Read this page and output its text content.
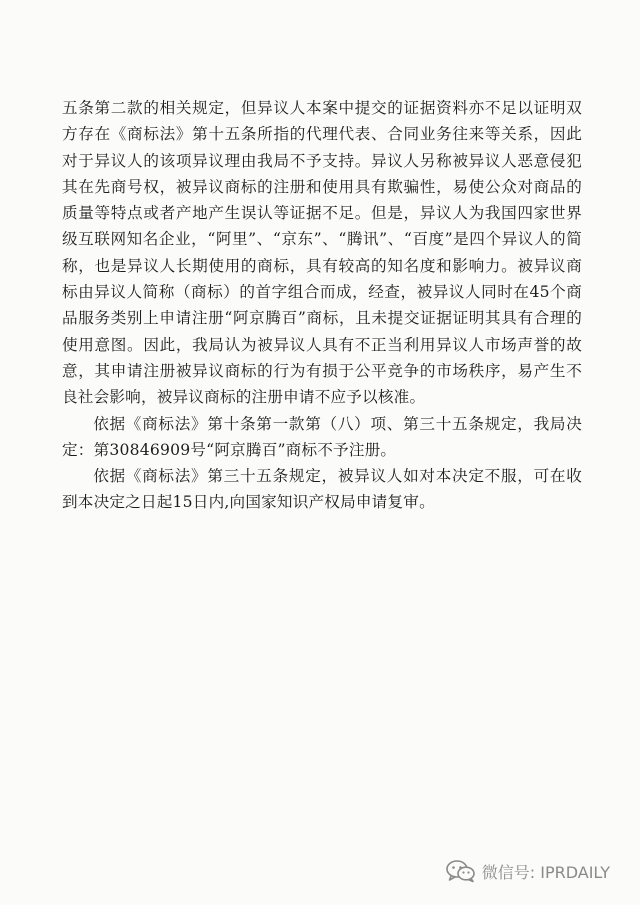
五条第二款的相关规定，但异议人本案中提交的证据资料亦不足以证明双方存在《商标法》第十五条所指的代理代表、合同业务往来等关系，因此对于异议人的该项异议理由我局不予支持。异议人另称被异议人恶意侵犯其在先商号权，被异议商标的注册和使用具有欺骗性，易使公众对商品的质量等特点或者产地产生误认等证据不足。但是，异议人为我国四家世界级互联网知名企业，“阿里”、“京东”、“腾讯”、“百度”是四个异议人的简称，也是异议人长期使用的商标，具有较高的知名度和影响力。被异议商标由异议人简称（商标）的首字组合而成，经查，被异议人同时在45个商品服务类别上申请注册“阿京腾百”商标，且未提交证据证明其具有合理的使用意图。因此，我局认为被异议人具有不正当利用异议人市场声誉的故意，其申请注册被异议商标的行为有损于公平竞争的市场秩序，易产生不良社会影响，被异议商标的注册申请不应予以核准。

依据《商标法》第十条第一款第（八）项、第三十五条规定，我局决定：第30846909号“阿京腾百”商标不予注册。

依据《商标法》第三十五条规定，被异议人如对本决定不服，可在收到本决定之日起15日内,向国家知识产权局申请复审。

微信号: IPRDAILY
